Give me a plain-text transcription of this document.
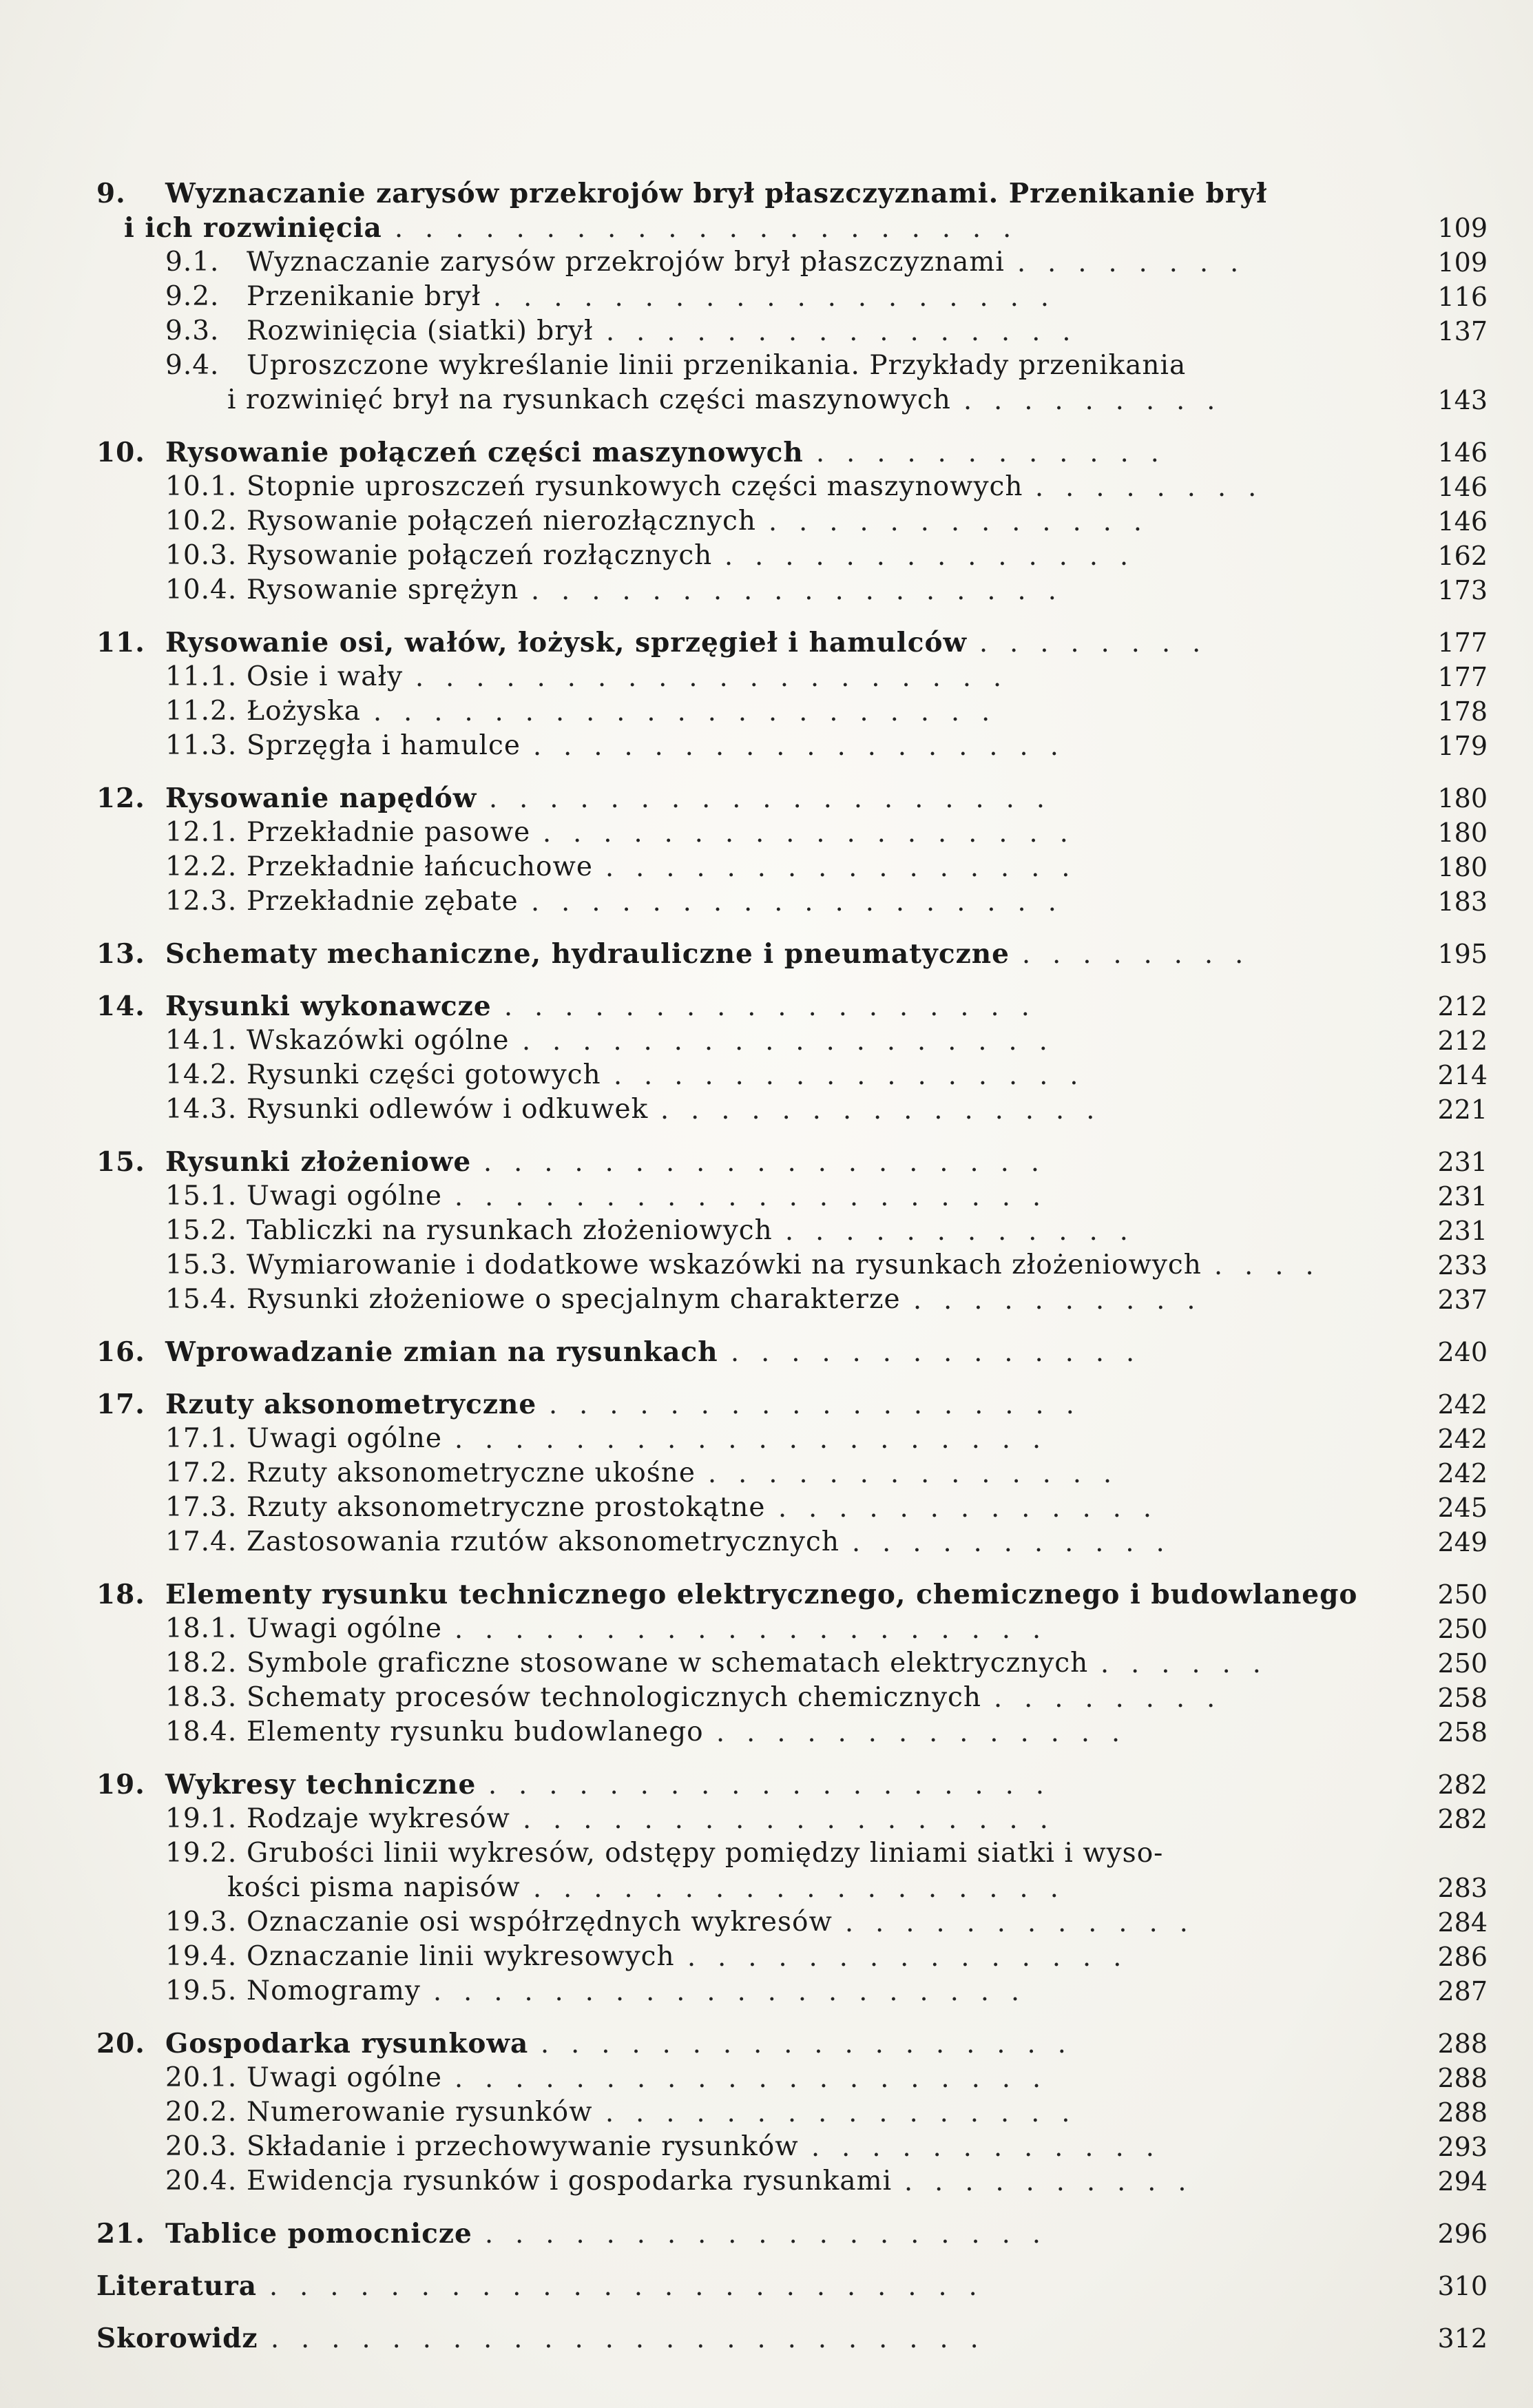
9. Wyznaczanie zarysów przekrojów brył płaszczyznami. Przenikanie brył
i ich rozwinięcia . . . . . . . . . . . . . . . . . . . . .	109
9.1. Wyznaczanie zarysów przekrojów brył płaszczyznami . . . . . . . .	109
9.2. Przenikanie brył . . . . . . . . . . . . . . . . . . .	116
9.3. Rozwinięcia (siatki) brył . . . . . . . . . . . . . . . .	137
9.4. Uproszczone wykreślanie linii przenikania. Przykłady przenikania
i rozwinięć brył na rysunkach części maszynowych . . . . . . . . .	143
10. Rysowanie połączeń części maszynowych . . . . . . . . . . . .	146
10.1. Stopnie uproszczeń rysunkowych części maszynowych . . . . . . . .	146
10.2. Rysowanie połączeń nierozłącznych . . . . . . . . . . . . .	146
10.3. Rysowanie połączeń rozłącznych . . . . . . . . . . . . . .	162
10.4. Rysowanie sprężyn . . . . . . . . . . . . . . . . . .	173
11. Rysowanie osi, wałów, łożysk, sprzęgieł i hamulców . . . . . . . .	177
11.1. Osie i wały . . . . . . . . . . . . . . . . . . . .	177
11.2. Łożyska . . . . . . . . . . . . . . . . . . . . .	178
11.3. Sprzęgła i hamulce . . . . . . . . . . . . . . . . . .	179
12. Rysowanie napędów . . . . . . . . . . . . . . . . . . .	180
12.1. Przekładnie pasowe . . . . . . . . . . . . . . . . . .	180
12.2. Przekładnie łańcuchowe . . . . . . . . . . . . . . . .	180
12.3. Przekładnie zębate . . . . . . . . . . . . . . . . . .	183
13. Schematy mechaniczne, hydrauliczne i pneumatyczne . . . . . . . .	195
14. Rysunki wykonawcze . . . . . . . . . . . . . . . . . .	212
14.1. Wskazówki ogólne . . . . . . . . . . . . . . . . . .	212
14.2. Rysunki części gotowych . . . . . . . . . . . . . . . .	214
14.3. Rysunki odlewów i odkuwek . . . . . . . . . . . . . . .	221
15. Rysunki złożeniowe . . . . . . . . . . . . . . . . . . .	231
15.1. Uwagi ogólne . . . . . . . . . . . . . . . . . . . .	231
15.2. Tabliczki na rysunkach złożeniowych . . . . . . . . . . . .	231
15.3. Wymiarowanie i dodatkowe wskazówki na rysunkach złożeniowych . . . .	233
15.4. Rysunki złożeniowe o specjalnym charakterze . . . . . . . . . .	237
16. Wprowadzanie zmian na rysunkach . . . . . . . . . . . . . .	240
17. Rzuty aksonometryczne . . . . . . . . . . . . . . . . . .	242
17.1. Uwagi ogólne . . . . . . . . . . . . . . . . . . . .	242
17.2. Rzuty aksonometryczne ukośne . . . . . . . . . . . . . .	242
17.3. Rzuty aksonometryczne prostokątne . . . . . . . . . . . . .	245
17.4. Zastosowania rzutów aksonometrycznych . . . . . . . . . . .	249
18. Elementy rysunku technicznego elektrycznego, chemicznego i budowlanego	250
18.1. Uwagi ogólne . . . . . . . . . . . . . . . . . . . .	250
18.2. Symbole graficzne stosowane w schematach elektrycznych . . . . . .	250
18.3. Schematy procesów technologicznych chemicznych . . . . . . . .	258
18.4. Elementy rysunku budowlanego . . . . . . . . . . . . . .	258
19. Wykresy techniczne . . . . . . . . . . . . . . . . . . .	282
19.1. Rodzaje wykresów . . . . . . . . . . . . . . . . . .	282
19.2. Grubości linii wykresów, odstępy pomiędzy liniami siatki i wyso-
kości pisma napisów . . . . . . . . . . . . . . . . . .	283
19.3. Oznaczanie osi współrzędnych wykresów . . . . . . . . . . . .	284
19.4. Oznaczanie linii wykresowych . . . . . . . . . . . . . . .	286
19.5. Nomogramy . . . . . . . . . . . . . . . . . . . .	287
20. Gospodarka rysunkowa . . . . . . . . . . . . . . . . . .	288
20.1. Uwagi ogólne . . . . . . . . . . . . . . . . . . . .	288
20.2. Numerowanie rysunków . . . . . . . . . . . . . . . .	288
20.3. Składanie i przechowywanie rysunków . . . . . . . . . . . .	293
20.4. Ewidencja rysunków i gospodarka rysunkami . . . . . . . . . .	294
21. Tablice pomocnicze . . . . . . . . . . . . . . . . . . .	296
Literatura . . . . . . . . . . . . . . . . . . . . . . . .	310
Skorowidz . . . . . . . . . . . . . . . . . . . . . . . .	312
